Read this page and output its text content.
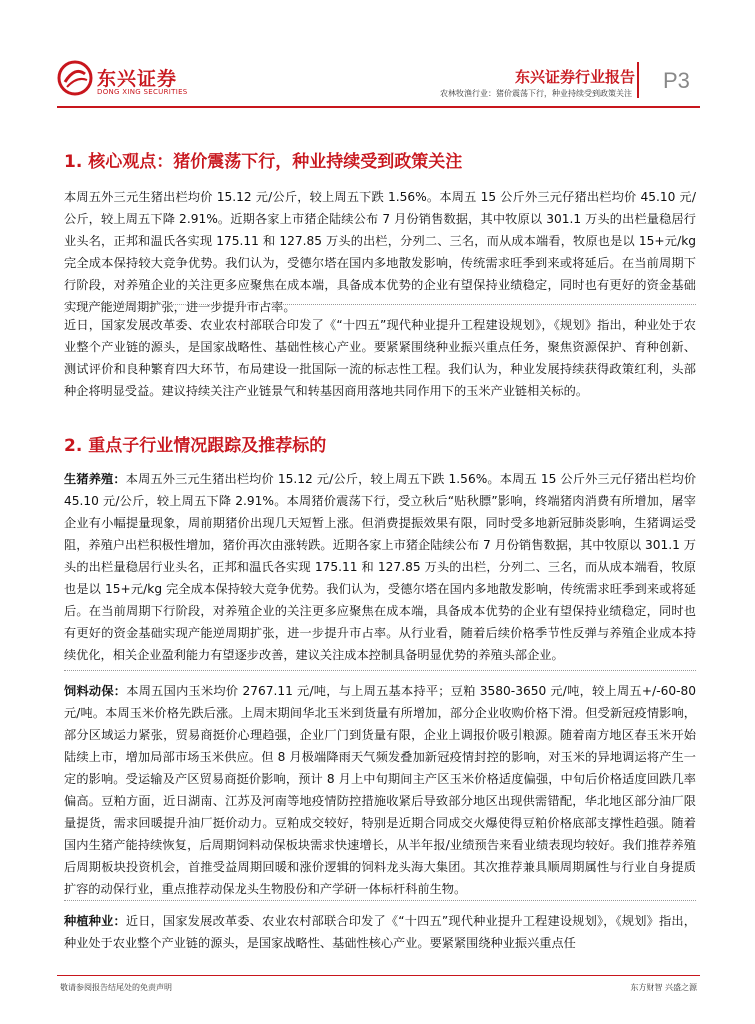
东兴证券
DONG XING SECURITIES
东兴证券行业报告
农林牧渔行业：猪价震荡下行，种业持续受到政策关注
P3
1. 核心观点：猪价震荡下行，种业持续受到政策关注

本周五外三元生猪出栏均价 15.12 元/公斤，较上周五下跌 1.56%。本周五 15 公斤外三元仔猪出栏均价 45.10 元/公斤，较上周五下降 2.91%。近期各家上市猪企陆续公布 7 月份销售数据，其中牧原以 301.1 万头的出栏量稳居行业头名，正邦和温氏各实现 175.11 和 127.85 万头的出栏，分列二、三名，而从成本端看，牧原也是以 15+元/kg 完全成本保持较大竞争优势。我们认为，受德尔塔在国内多地散发影响，传统需求旺季到来或将延后。在当前周期下行阶段，对养殖企业的关注更多应聚焦在成本端，具备成本优势的企业有望保持业绩稳定，同时也有更好的资金基础实现产能逆周期扩张，进一步提升市占率。

近日，国家发展改革委、农业农村部联合印发了《“十四五”现代种业提升工程建设规划》，《规划》指出，种业处于农业整个产业链的源头，是国家战略性、基础性核心产业。要紧紧围绕种业振兴重点任务，聚焦资源保护、育种创新、测试评价和良种繁育四大环节，布局建设一批国际一流的标志性工程。我们认为，种业发展持续获得政策红利，头部种企将明显受益。建议持续关注产业链景气和转基因商用落地共同作用下的玉米产业链相关标的。

2. 重点子行业情况跟踪及推荐标的

生猪养殖：本周五外三元生猪出栏均价 15.12 元/公斤，较上周五下跌 1.56%。本周五 15 公斤外三元仔猪出栏均价 45.10 元/公斤，较上周五下降 2.91%。本周猪价震荡下行，受立秋后“贴秋膘”影响，终端猪肉消费有所增加，屠宰企业有小幅提量现象，周前期猪价出现几天短暂上涨。但消费提振效果有限，同时受多地新冠肺炎影响，生猪调运受阻，养殖户出栏积极性增加，猪价再次由涨转跌。近期各家上市猪企陆续公布 7 月份销售数据，其中牧原以 301.1 万头的出栏量稳居行业头名，正邦和温氏各实现 175.11 和 127.85 万头的出栏，分列二、三名，而从成本端看，牧原也是以 15+元/kg 完全成本保持较大竞争优势。我们认为，受德尔塔在国内多地散发影响，传统需求旺季到来或将延后。在当前周期下行阶段，对养殖企业的关注更多应聚焦在成本端，具备成本优势的企业有望保持业绩稳定，同时也有更好的资金基础实现产能逆周期扩张，进一步提升市占率。从行业看，随着后续价格季节性反弹与养殖企业成本持续优化，相关企业盈利能力有望逐步改善，建议关注成本控制具备明显优势的养殖头部企业。

饲料动保：本周五国内玉米均价 2767.11 元/吨，与上周五基本持平；豆粕 3580-3650 元/吨，较上周五+/-60-80 元/吨。本周玉米价格先跌后涨。上周末期间华北玉米到货量有所增加，部分企业收购价格下滑。但受新冠疫情影响，部分区域运力紧张，贸易商挺价心理趋强，企业厂门到货量有限，企业上调报价吸引粮源。随着南方地区春玉米开始陆续上市，增加局部市场玉米供应。但 8 月极端降雨天气频发叠加新冠疫情封控的影响，对玉米的异地调运将产生一定的影响。受运输及产区贸易商挺价影响，预计 8 月上中旬期间主产区玉米价格适度偏强，中旬后价格适度回跌几率偏高。豆粕方面，近日湖南、江苏及河南等地疫情防控措施收紧后导致部分地区出现供需错配，华北地区部分油厂限量提货，需求回暖提升油厂挺价动力。豆粕成交较好，特别是近期合同成交火爆使得豆粕价格底部支撑性趋强。随着国内生猪产能持续恢复，后周期饲料动保板块需求快速增长，从半年报/业绩预告来看业绩表现均较好。我们推荐养殖后周期板块投资机会，首推受益周期回暖和涨价逻辑的饲料龙头海大集团。其次推荐兼具顺周期属性与行业自身提质扩容的动保行业，重点推荐动保龙头生物股份和产学研一体标杆科前生物。

种植种业：近日，国家发展改革委、农业农村部联合印发了《“十四五”现代种业提升工程建设规划》，《规划》指出，种业处于农业整个产业链的源头，是国家战略性、基础性核心产业。要紧紧围绕种业振兴重点任

敬请参阅报告结尾处的免责声明	东方财智 兴盛之源
